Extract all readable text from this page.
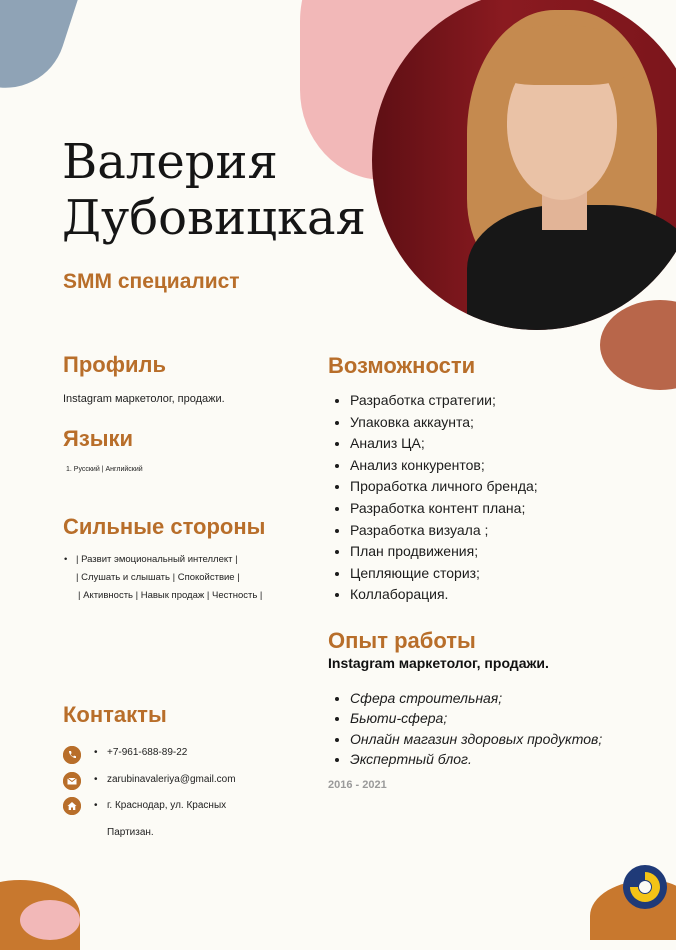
Валерия
Дубовицкая
SMM специалист
Профиль
Instagram маркетолог, продажи.
Языки
1. Русский | Английский
Сильные стороны
• | Развит эмоциональный интеллект |
| Слушать и слышать | Спокойствие |
| Активность | Навык продаж | Честность |
Возможности
• Разработка стратегии;
• Упаковка аккаунта;
• Анализ ЦА;
• Анализ конкурентов;
• Проработка личного бренда;
• Разработка контент плана;
• Разработка визуала ;
• План продвижения;
• Цепляющие сториз;
• Коллаборация.
Опыт работы
Instagram маркетолог, продажи.
• Сфера строительная;
• Бьюти-сфера;
• Онлайн магазин здоровых продуктов;
• Экспертный блог.
2016 - 2021
Контакты
• +7-961-688-89-22
• zarubinavaleriya@gmail.com
• г. Краснодар, ул. Красных
Партизан.
